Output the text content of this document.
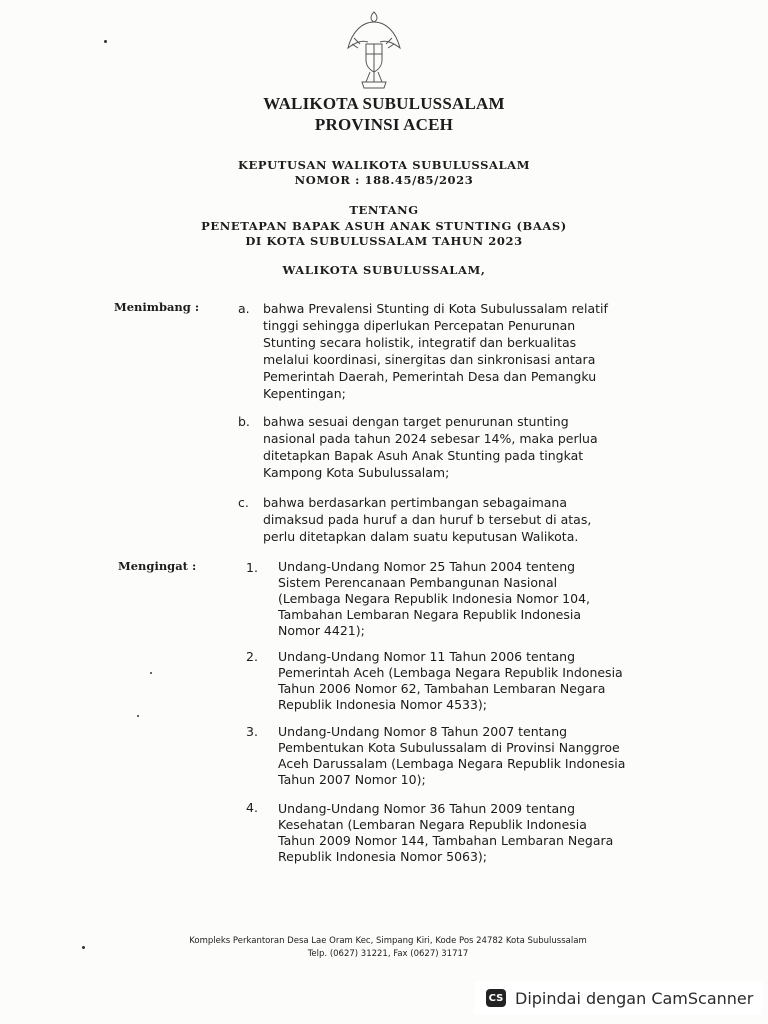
WALIKOTA SUBULUSSALAM
PROVINSI ACEH
KEPUTUSAN WALIKOTA SUBULUSSALAM
NOMOR : 188.45/85/2023
TENTANG
PENETAPAN BAPAK ASUH ANAK STUNTING (BAAS)
DI KOTA SUBULUSSALAM TAHUN 2023
WALIKOTA SUBULUSSALAM,
Menimbang :	a. bahwa Prevalensi Stunting di Kota Subulussalam relatif
tinggi sehingga diperlukan Percepatan Penurunan
Stunting secara holistik, integratif dan berkualitas
melalui koordinasi, sinergitas dan sinkronisasi antara
Pemerintah Daerah, Pemerintah Desa dan Pemangku
Kepentingan;
b. bahwa sesuai dengan target penurunan stunting
nasional pada tahun 2024 sebesar 14%, maka perlua
ditetapkan Bapak Asuh Anak Stunting pada tingkat
Kampong Kota Subulussalam;
c. bahwa berdasarkan pertimbangan sebagaimana
dimaksud pada huruf a dan huruf b tersebut di atas,
perlu ditetapkan dalam suatu keputusan Walikota.
Mengingat :	1. Undang-Undang Nomor 25 Tahun 2004 tenteng
Sistem Perencanaan Pembangunan Nasional
(Lembaga Negara Republik Indonesia Nomor 104,
Tambahan Lembaran Negara Republik Indonesia
Nomor 4421);
2. Undang-Undang Nomor 11 Tahun 2006 tentang
Pemerintah Aceh (Lembaga Negara Republik Indonesia
Tahun 2006 Nomor 62, Tambahan Lembaran Negara
Republik Indonesia Nomor 4533);
3. Undang-Undang Nomor 8 Tahun 2007 tentang
Pembentukan Kota Subulussalam di Provinsi Nanggroe
Aceh Darussalam (Lembaga Negara Republik Indonesia
Tahun 2007 Nomor 10);
4. Undang-Undang Nomor 36 Tahun 2009 tentang
Kesehatan (Lembaran Negara Republik Indonesia
Tahun 2009 Nomor 144, Tambahan Lembaran Negara
Republik Indonesia Nomor 5063);
Kompleks Perkantoran Desa Lae Oram Kec, Simpang Kiri, Kode Pos 24782 Kota Subulussalam
Telp. (0627) 31221, Fax (0627) 31717
CS Dipindai dengan CamScanner
